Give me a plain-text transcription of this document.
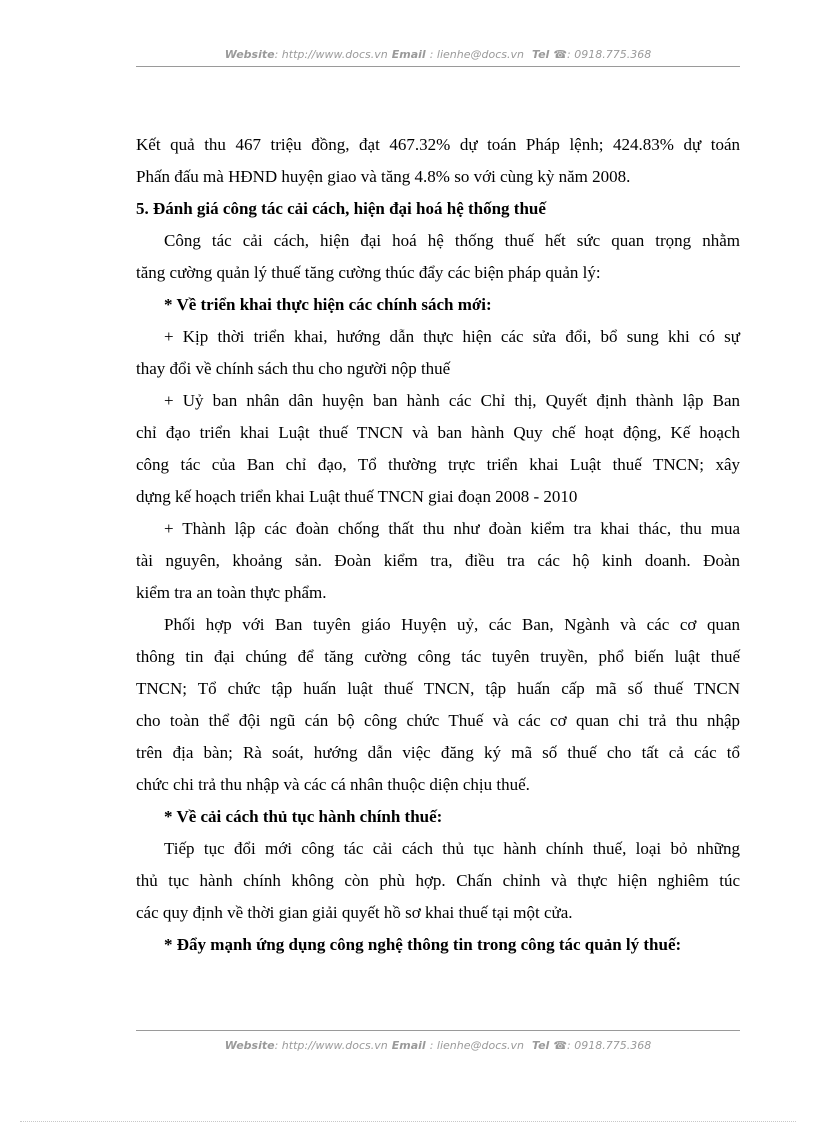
Website: http://www.docs.vn Email : lienhe@docs.vn Tel ☎: 0918.775.368

Kết quả thu 467 triệu đồng, đạt 467.32% dự toán Pháp lệnh; 424.83% dự toán
Phấn đấu mà HĐND huyện giao và tăng 4.8% so với cùng kỳ năm 2008.

5. Đánh giá công tác cải cách, hiện đại hoá hệ thống thuế

Công tác cải cách, hiện đại hoá hệ thống thuế hết sức quan trọng nhằm
tăng cường quản lý thuế tăng cường thúc đẩy các biện pháp quản lý:

* Về triển khai thực hiện các chính sách mới:

+ Kịp thời triển khai, hướng dẫn thực hiện các sửa đổi, bổ sung khi có sự
thay đổi về chính sách thu cho người nộp thuế

+ Uỷ ban nhân dân huyện ban hành các Chỉ thị, Quyết định thành lập Ban
chỉ đạo triển khai Luật thuế TNCN và ban hành Quy chế hoạt động, Kế hoạch
công tác của Ban chỉ đạo, Tổ thường trực triển khai Luật thuế TNCN; xây
dựng kế hoạch triển khai Luật thuế TNCN giai đoạn 2008 - 2010

+ Thành lập các đoàn chống thất thu như đoàn kiểm tra khai thác, thu mua
tài nguyên, khoảng sản. Đoàn kiểm tra, điều tra các hộ kinh doanh. Đoàn
kiểm tra an toàn thực phẩm.

Phối hợp với Ban tuyên giáo Huyện uỷ, các Ban, Ngành và các cơ quan
thông tin đại chúng để tăng cường công tác tuyên truyền, phổ biến luật thuế
TNCN; Tổ chức tập huấn luật thuế TNCN, tập huấn cấp mã số thuế TNCN
cho toàn thể đội ngũ cán bộ công chức Thuế và các cơ quan chi trả thu nhập
trên địa bàn; Rà soát, hướng dẫn việc đăng ký mã số thuế cho tất cả các tổ
chức chi trả thu nhập và các cá nhân thuộc diện chịu thuế.

* Về cải cách thủ tục hành chính thuế:

Tiếp tục đổi mới công tác cải cách thủ tục hành chính thuế, loại bỏ những
thủ tục hành chính không còn phù hợp. Chấn chỉnh và thực hiện nghiêm túc
các quy định về thời gian giải quyết hồ sơ khai thuế tại một cửa.

* Đẩy mạnh ứng dụng công nghệ thông tin trong công tác quản lý thuế:

Website: http://www.docs.vn Email : lienhe@docs.vn Tel ☎: 0918.775.368
